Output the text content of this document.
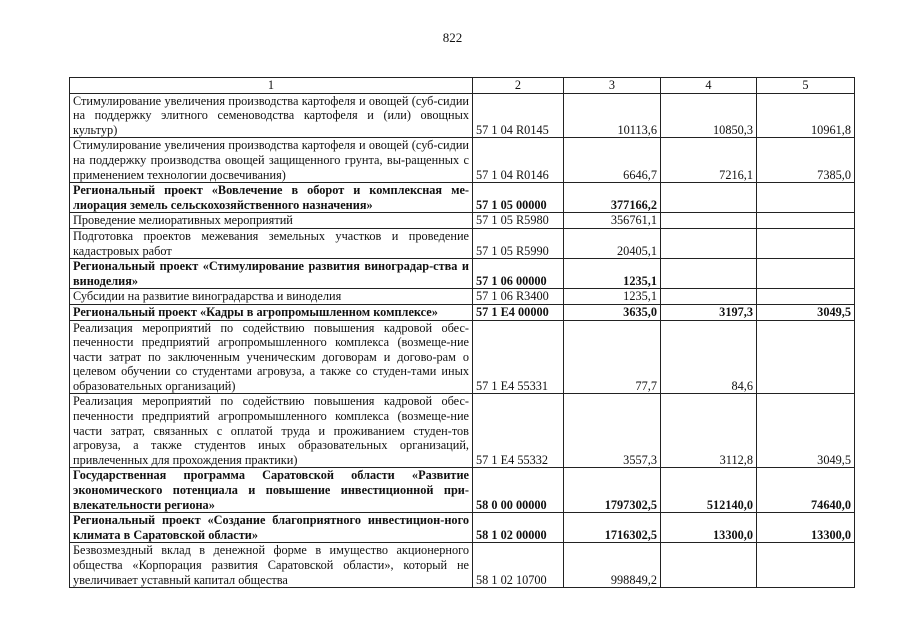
822
1	2	3	4	5
Стимулирование увеличения производства картофеля и овощей (суб-сидии на поддержку элитного семеноводства картофеля и (или) овощных культур)	57 1 04 R0145	10113,6	10850,3	10961,8
Стимулирование увеличения производства картофеля и овощей (суб-сидии на поддержку производства овощей защищенного грунта, вы-ращенных с применением технологии досвечивания)	57 1 04 R0146	6646,7	7216,1	7385,0
Региональный проект «Вовлечение в оборот и комплексная ме-лиорация земель сельскохозяйственного назначения»	57 1 05 00000	377166,2		
Проведение мелиоративных мероприятий	57 1 05 R5980	356761,1		
Подготовка проектов межевания земельных участков и проведение кадастровых работ	57 1 05 R5990	20405,1		
Региональный проект «Стимулирование развития виноградар-ства и виноделия»	57 1 06 00000	1235,1		
Субсидии на развитие виноградарства и виноделия	57 1 06 R3400	1235,1		
Региональный проект «Кадры в агропромышленном комплексе»	57 1 E4 00000	3635,0	3197,3	3049,5
Реализация мероприятий по содействию повышения кадровой обес-печенности предприятий агропромышленного комплекса (возмеще-ние части затрат по заключенным ученическим договорам и догово-рам о целевом обучении со студентами агровуза, а также со студен-тами иных образовательных организаций)	57 1 E4 55331	77,7	84,6	
Реализация мероприятий по содействию повышения кадровой обес-печенности предприятий агропромышленного комплекса (возмеще-ние части затрат, связанных с оплатой труда и проживанием студен-тов агровуза, а также студентов иных образовательных организаций, привлеченных для прохождения практики)	57 1 E4 55332	3557,3	3112,8	3049,5
Государственная программа Саратовской области «Развитие экономического потенциала и повышение инвестиционной при-влекательности региона»	58 0 00 00000	1797302,5	512140,0	74640,0
Региональный проект «Создание благоприятного инвестицион-ного климата в Саратовской области»	58 1 02 00000	1716302,5	13300,0	13300,0
Безвозмездный вклад в денежной форме в имущество акционерного общества «Корпорация развития Саратовской области», который не увеличивает уставный капитал общества	58 1 02 10700	998849,2		
